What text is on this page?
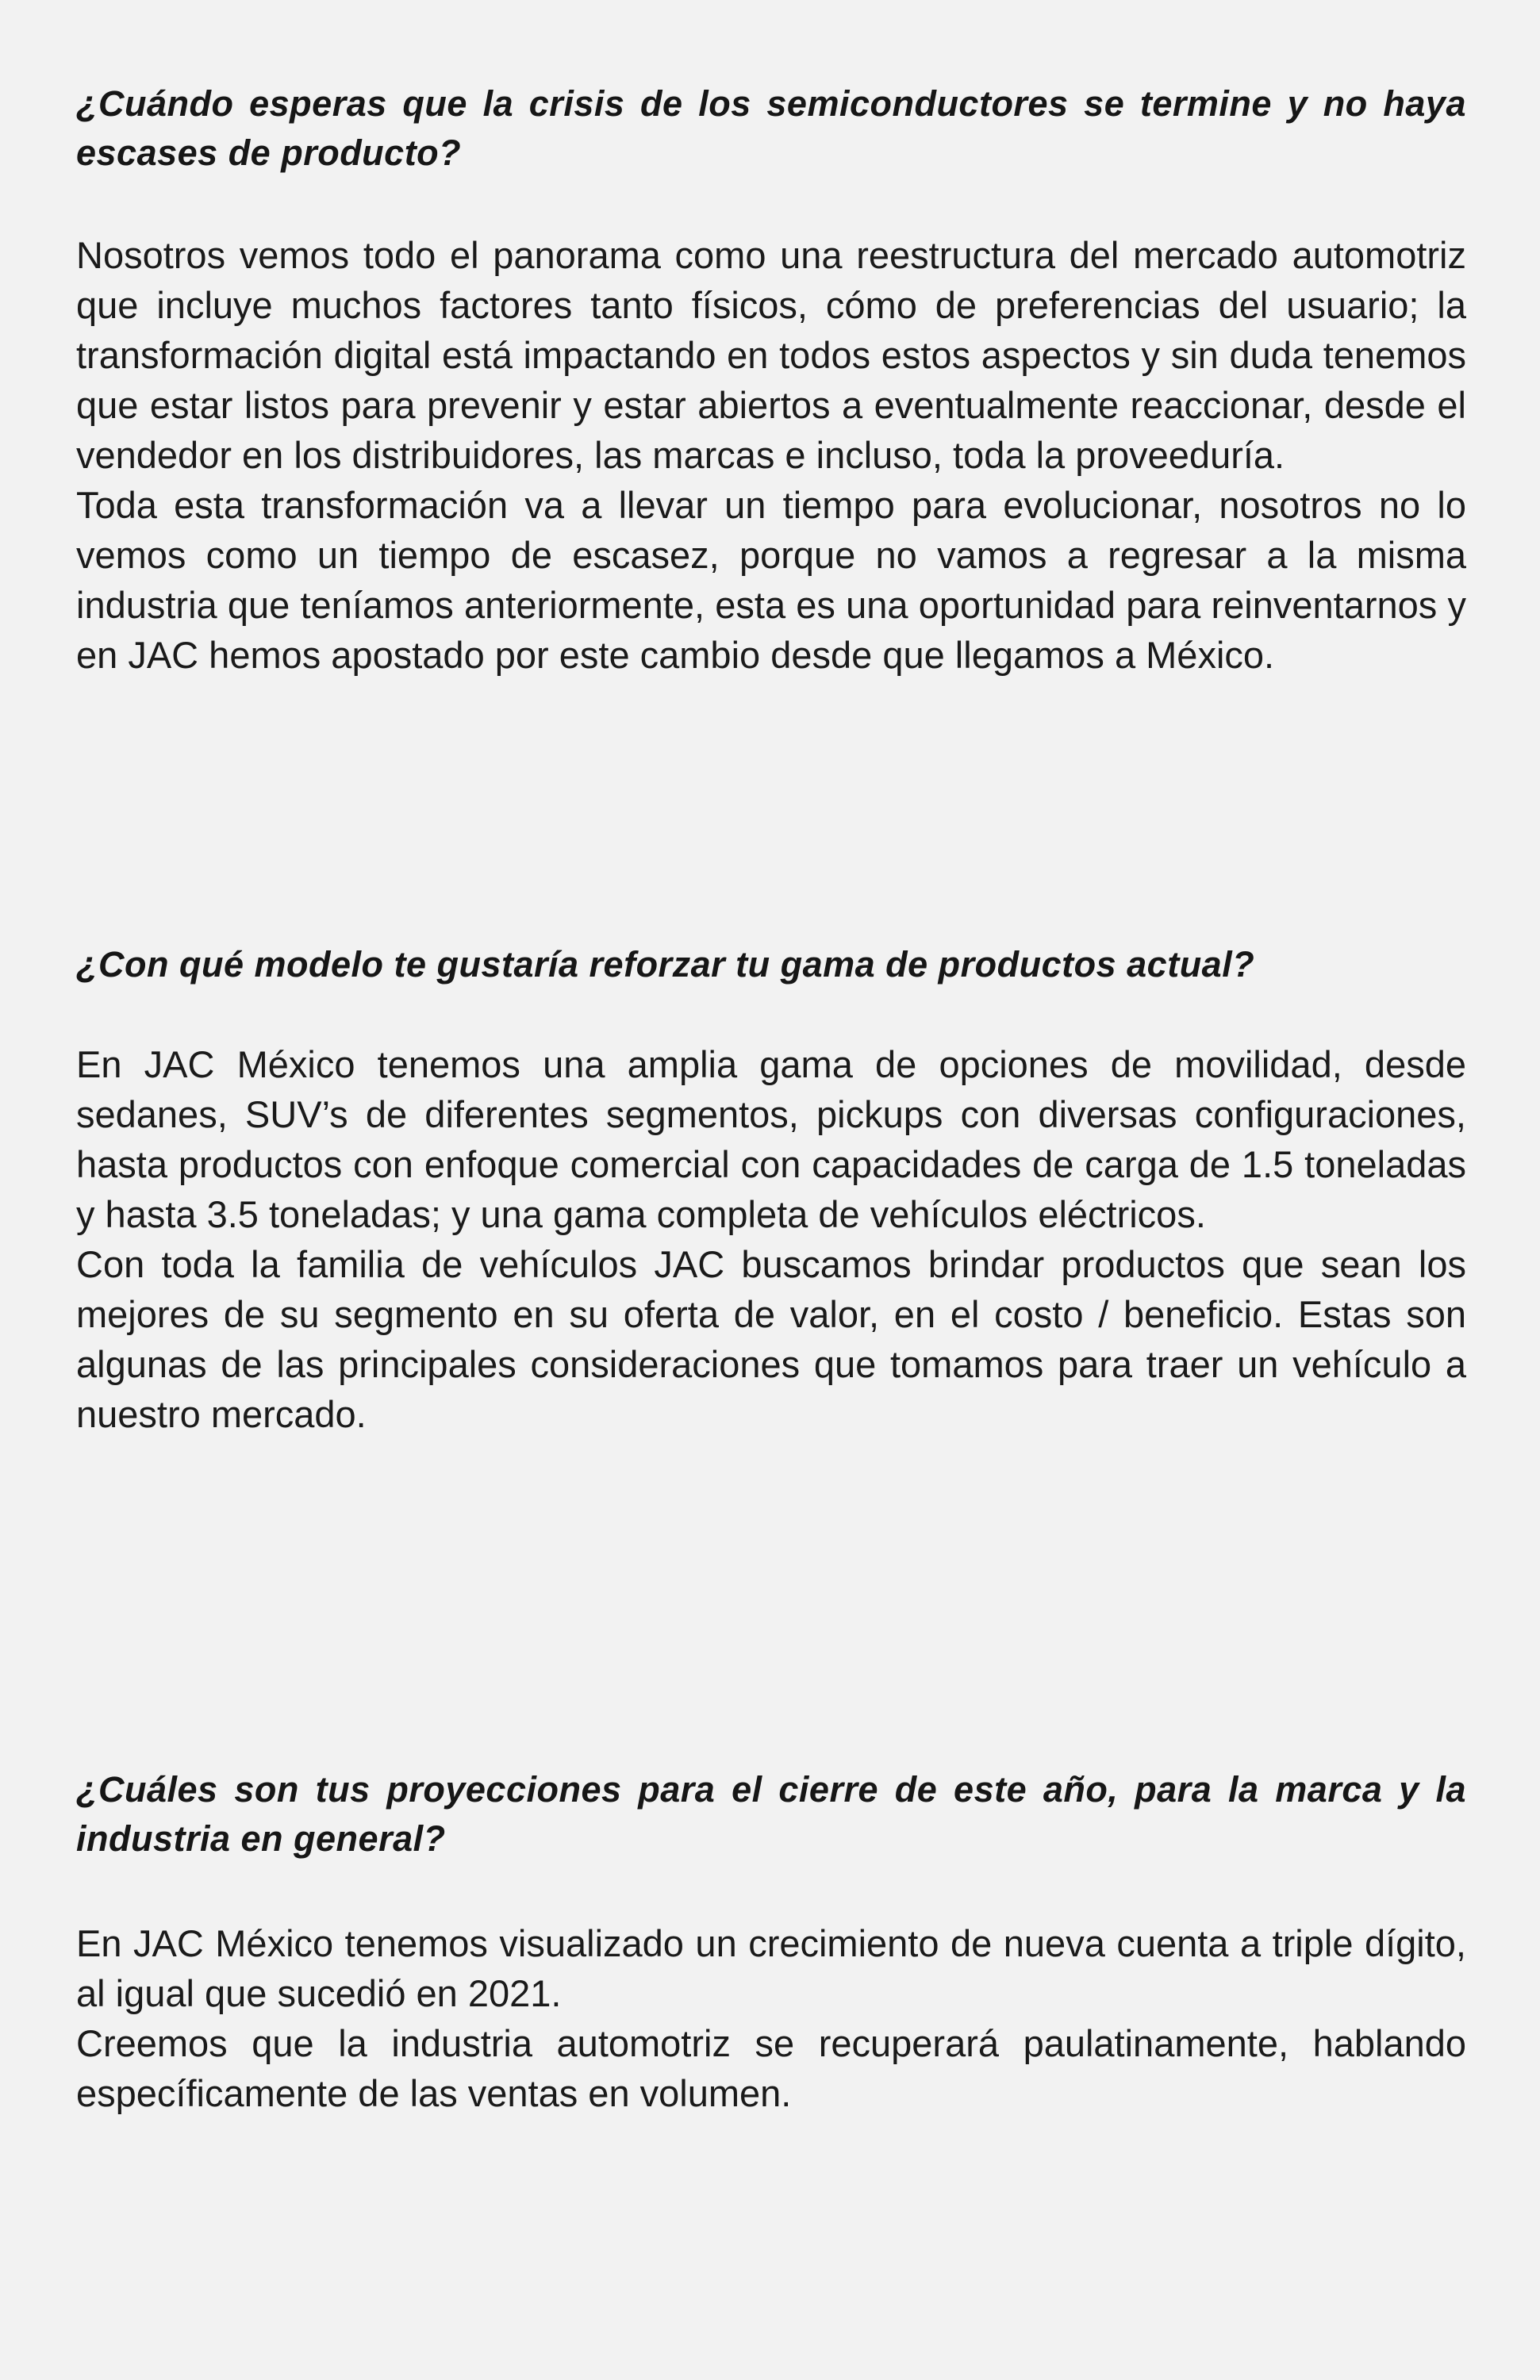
¿Cuándo esperas que la crisis de los semiconductores se termine y no haya escases de producto?

Nosotros vemos todo el panorama como una reestructura del mercado automotriz que incluye muchos factores tanto físicos, cómo de preferencias del usuario; la transformación digital está impactando en todos estos aspectos y sin duda tenemos que estar listos para prevenir y estar abiertos a eventualmente reaccionar, desde el vendedor en los distribuidores, las marcas e incluso, toda la proveeduría.

Toda esta transformación va a llevar un tiempo para evolucionar, nosotros no lo vemos como un tiempo de escasez, porque no vamos a regresar a la misma industria que teníamos anteriormente, esta es una oportunidad para reinventarnos y en JAC hemos apostado por este cambio desde que llegamos a México.

¿Con qué modelo te gustaría reforzar tu gama de productos actual?

En JAC México tenemos una amplia gama de opciones de movilidad, desde sedanes, SUV’s de diferentes segmentos, pickups con diversas configuraciones, hasta productos con enfoque comercial con capacidades de carga de 1.5 toneladas y hasta 3.5 toneladas; y una gama completa de vehículos eléctricos.

Con toda la familia de vehículos JAC buscamos brindar productos que sean los mejores de su segmento en su oferta de valor, en el costo / beneficio. Estas son algunas de las principales consideraciones que tomamos para traer un vehículo a nuestro mercado.

¿Cuáles son tus proyecciones para el cierre de este año, para la marca y la industria en general?

En JAC México tenemos visualizado un crecimiento de nueva cuenta a triple dígito, al igual que sucedió en 2021.

Creemos que la industria automotriz se recuperará paulatinamente, hablando específicamente de las ventas en volumen.
